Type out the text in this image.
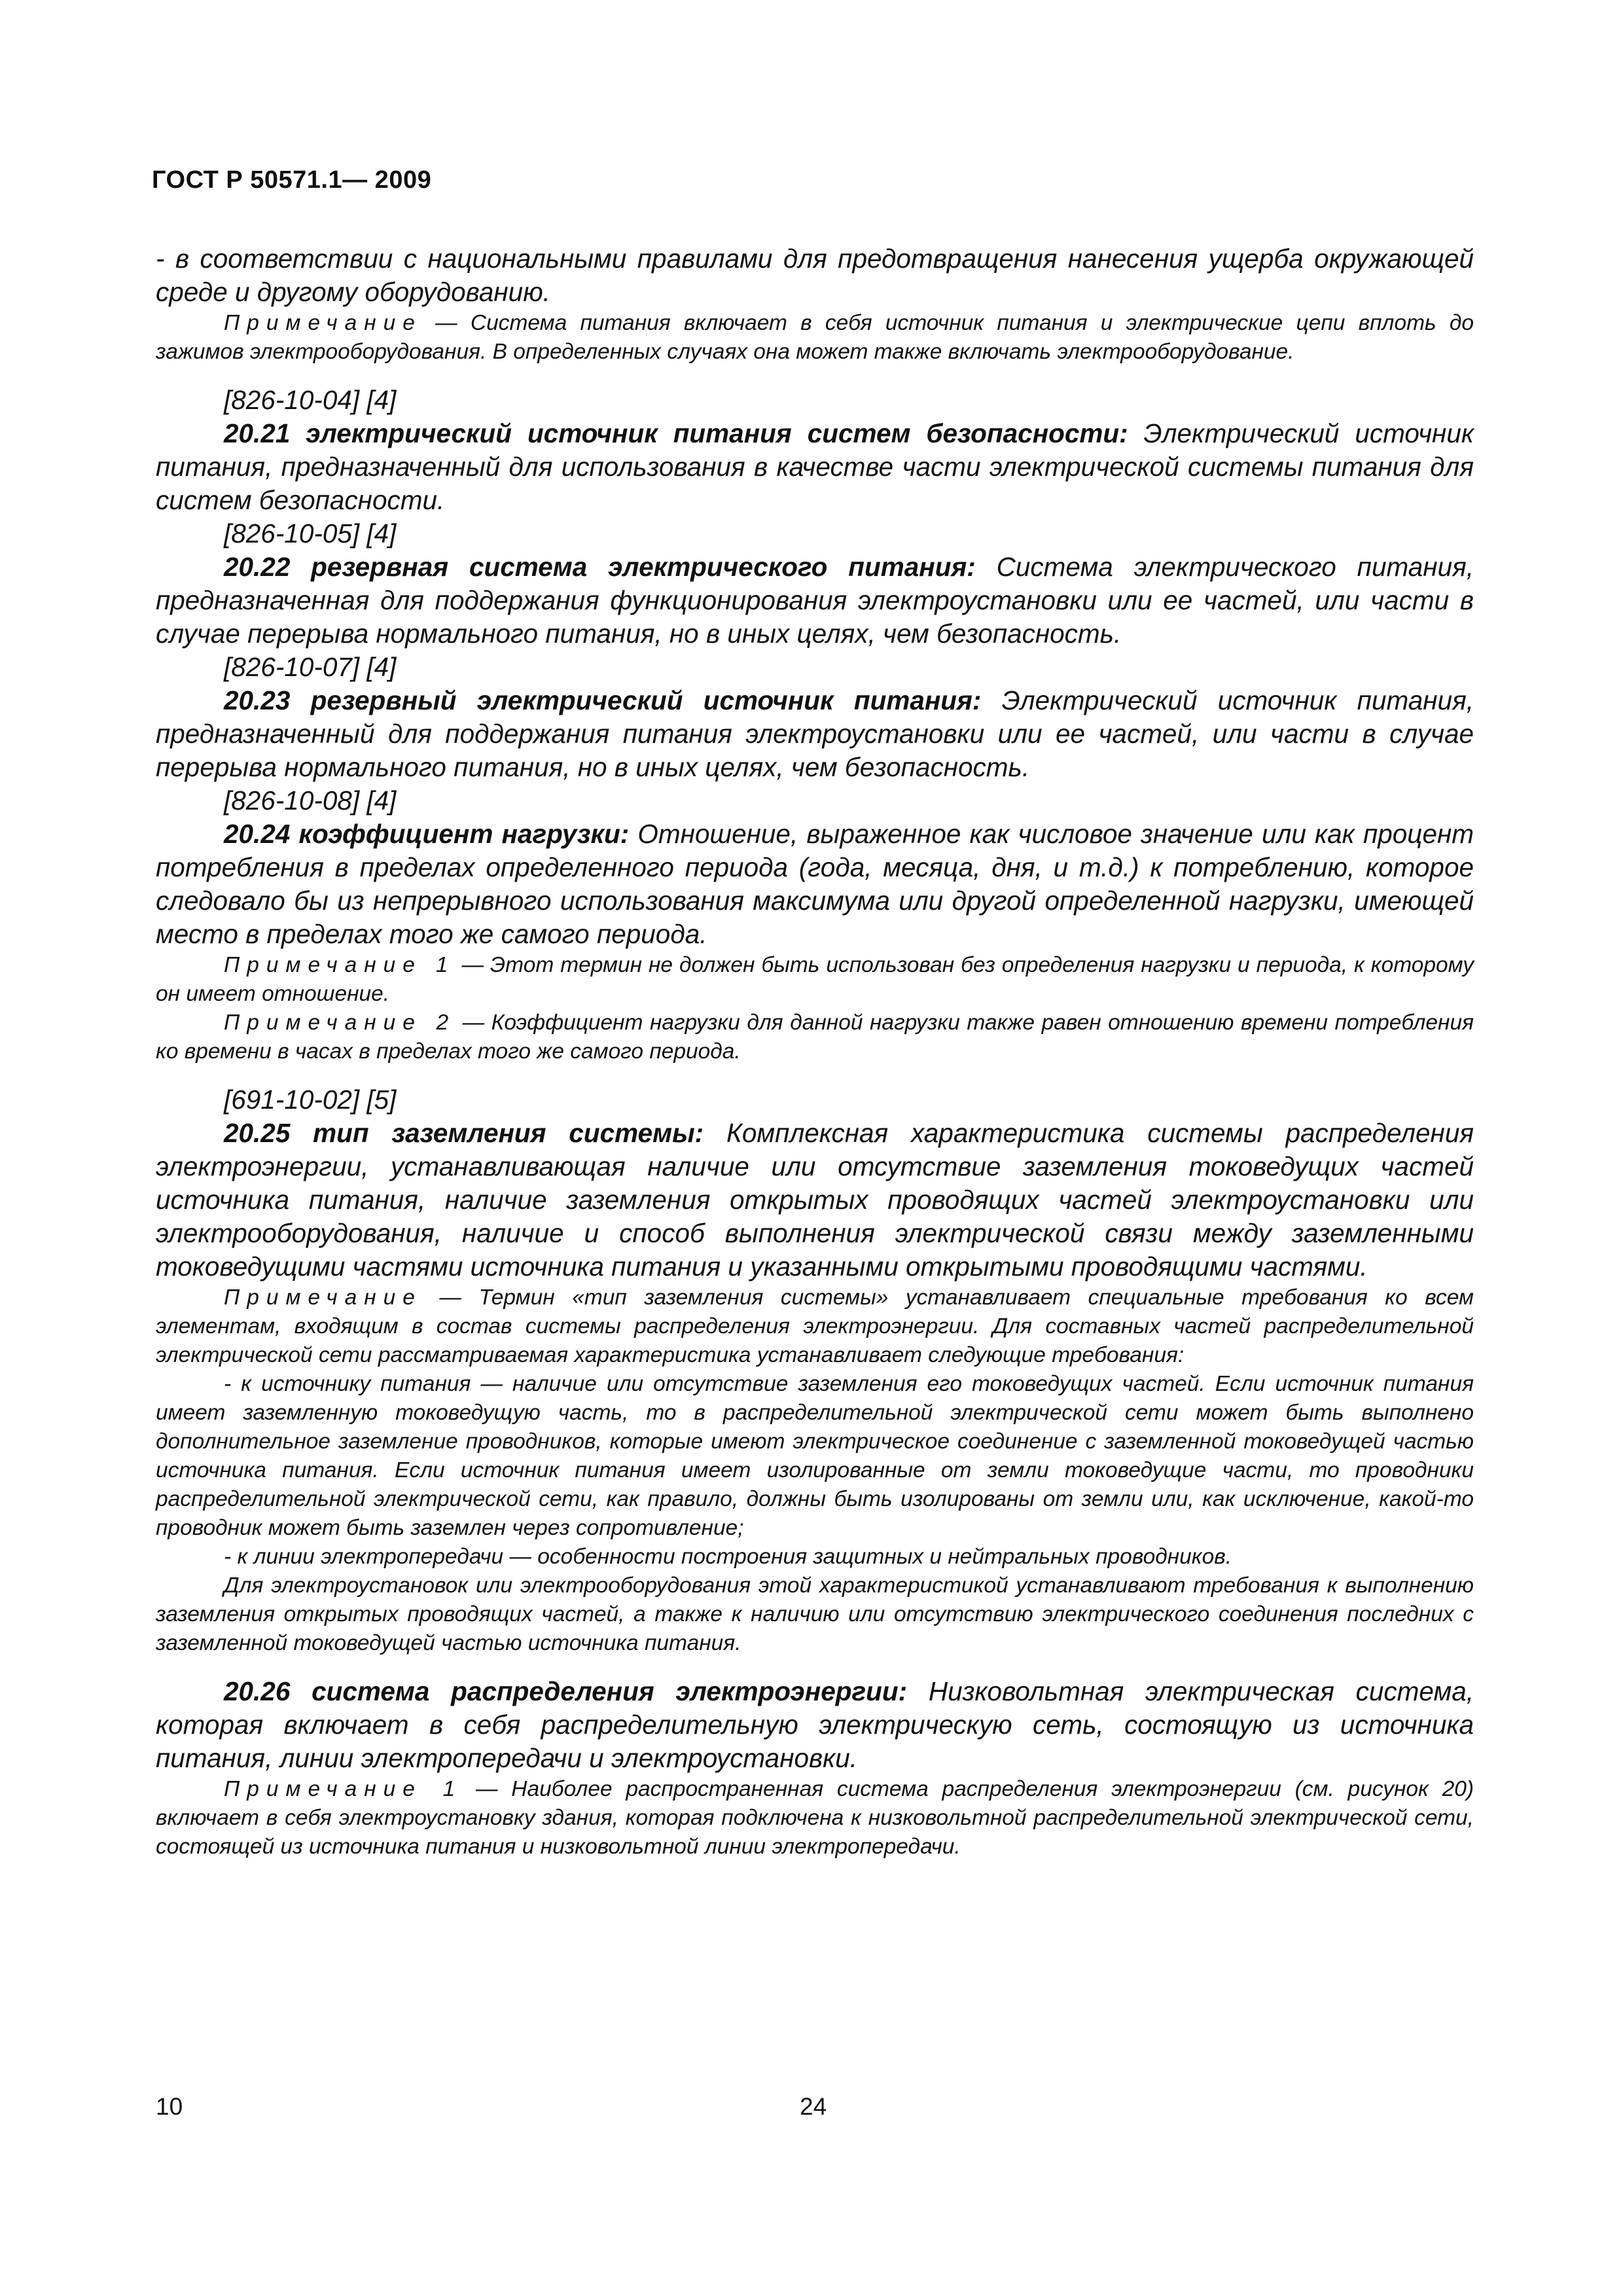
ГОСТ Р 50571.1— 2009

- в соответствии с национальными правилами для предотвращения нанесения ущерба окружающей среде и другому оборудованию.

Примечание — Система питания включает в себя источник питания и электрические цепи вплоть до зажимов электрооборудования. В определенных случаях она может также включать электрооборудование.

[826-10-04] [4]

20.21 электрический источник питания систем безопасности: Электрический источник питания, предназначенный для использования в качестве части электрической системы питания для систем безопасности.

[826-10-05] [4]

20.22 резервная система электрического питания: Система электрического питания, предназначенная для поддержания функционирования электроустановки или ее частей, или части в случае перерыва нормального питания, но в иных целях, чем безопасность.

[826-10-07] [4]

20.23 резервный электрический источник питания: Электрический источник питания, предназначенный для поддержания питания электроустановки или ее частей, или части в случае перерыва нормального питания, но в иных целях, чем безопасность.

[826-10-08] [4]

20.24 коэффициент нагрузки: Отношение, выраженное как числовое значение или как процент потребления в пределах определенного периода (года, месяца, дня, и т.д.) к потреблению, которое следовало бы из непрерывного использования максимума или другой определенной нагрузки, имеющей место в пределах того же самого периода.

Примечание 1 — Этот термин не должен быть использован без определения нагрузки и периода, к которому он имеет отношение.

Примечание 2 — Коэффициент нагрузки для данной нагрузки также равен отношению времени потребления ко времени в часах в пределах того же самого периода.

[691-10-02] [5]

20.25 тип заземления системы: Комплексная характеристика системы распределения электроэнергии, устанавливающая наличие или отсутствие заземления токоведущих частей источника питания, наличие заземления открытых проводящих частей электроустановки или электрооборудования, наличие и способ выполнения электрической связи между заземленными токоведущими частями источника питания и указанными открытыми проводящими частями.

Примечание — Термин «тип заземления системы» устанавливает специальные требования ко всем элементам, входящим в состав системы распределения электроэнергии. Для составных частей распределительной электрической сети рассматриваемая характеристика устанавливает следующие требования:

- к источнику питания — наличие или отсутствие заземления его токоведущих частей. Если источник питания имеет заземленную токоведущую часть, то в распределительной электрической сети может быть выполнено дополнительное заземление проводников, которые имеют электрическое соединение с заземленной токоведущей частью источника питания. Если источник питания имеет изолированные от земли токоведущие части, то проводники распределительной электрической сети, как правило, должны быть изолированы от земли или, как исключение, какой-то проводник может быть заземлен через сопротивление;

- к линии электропередачи — особенности построения защитных и нейтральных проводников.

Для электроустановок или электрооборудования этой характеристикой устанавливают требования к выполнению заземления открытых проводящих частей, а также к наличию или отсутствию электрического соединения последних с заземленной токоведущей частью источника питания.

20.26 система распределения электроэнергии: Низковольтная электрическая система, которая включает в себя распределительную электрическую сеть, состоящую из источника питания, линии электропередачи и электроустановки.

Примечание 1 — Наиболее распространенная система распределения электроэнергии (см. рисунок 20) включает в себя электроустановку здания, которая подключена к низковольтной распределительной электрической сети, состоящей из источника питания и низковольтной линии электропередачи.

10	24
